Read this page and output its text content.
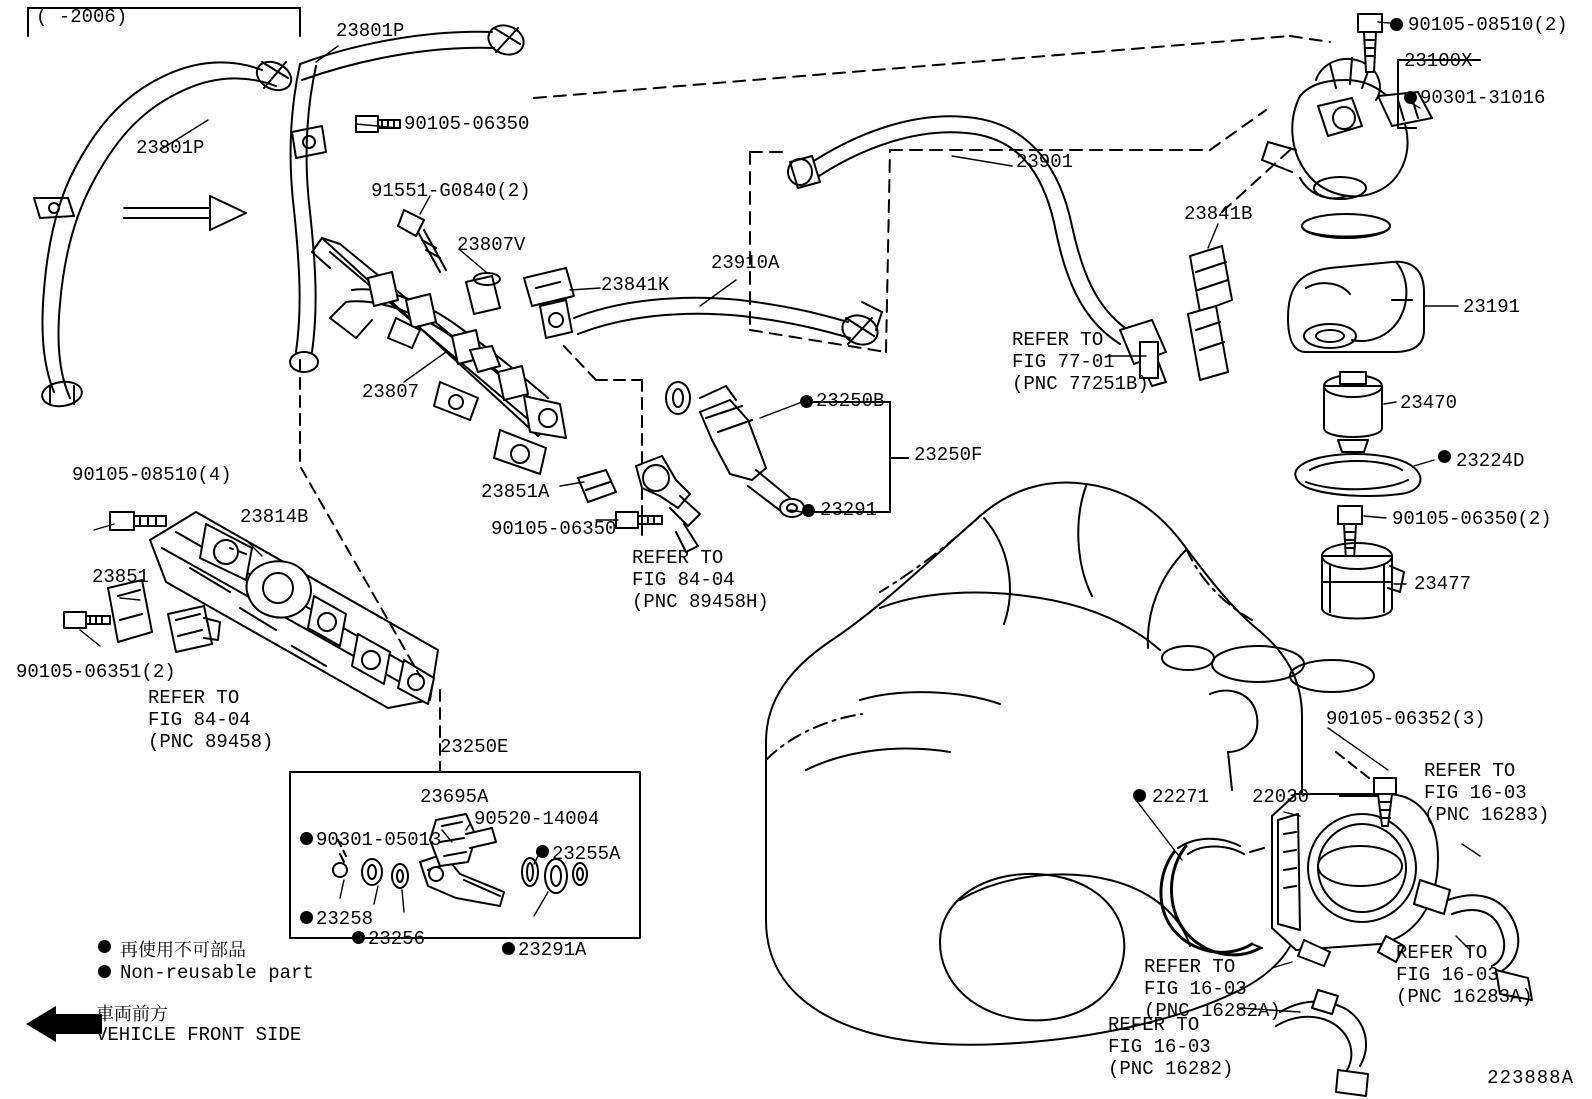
( -2006)
23801P
23801P
90105-06350
91551-G0840(2)
23807V
23841K
23910A
23807
23901
23841B
90105-08510(2)
23100X
90301-31016
23191
23470
23224D
90105-06350(2)
23477
90105-06352(3)
23250B
23250F
23291
23851A
90105-06350
90105-08510(4)
23814B
23851
90105-06351(2)
23250E
23695A
90520-14004
90301-05013
23255A
23258
23256	23291A
22271 22030
REFER TO
FIG 77-01
(PNC 77251B)
REFER TO
FIG 84-04
(PNC 89458H)
REFER TO
FIG 84-04
(PNC 89458)
REFER TO
FIG 16-03
(PNC 16283)
REFER TO
FIG 16-03
(PNC 16283A)
REFER TO
FIG 16-03
(PNC 16282A)
REFER TO
FIG 16-03
(PNC 16282)
再使用不可部品
Non-reusable part
車両前方
VEHICLE FRONT SIDE
223888A
